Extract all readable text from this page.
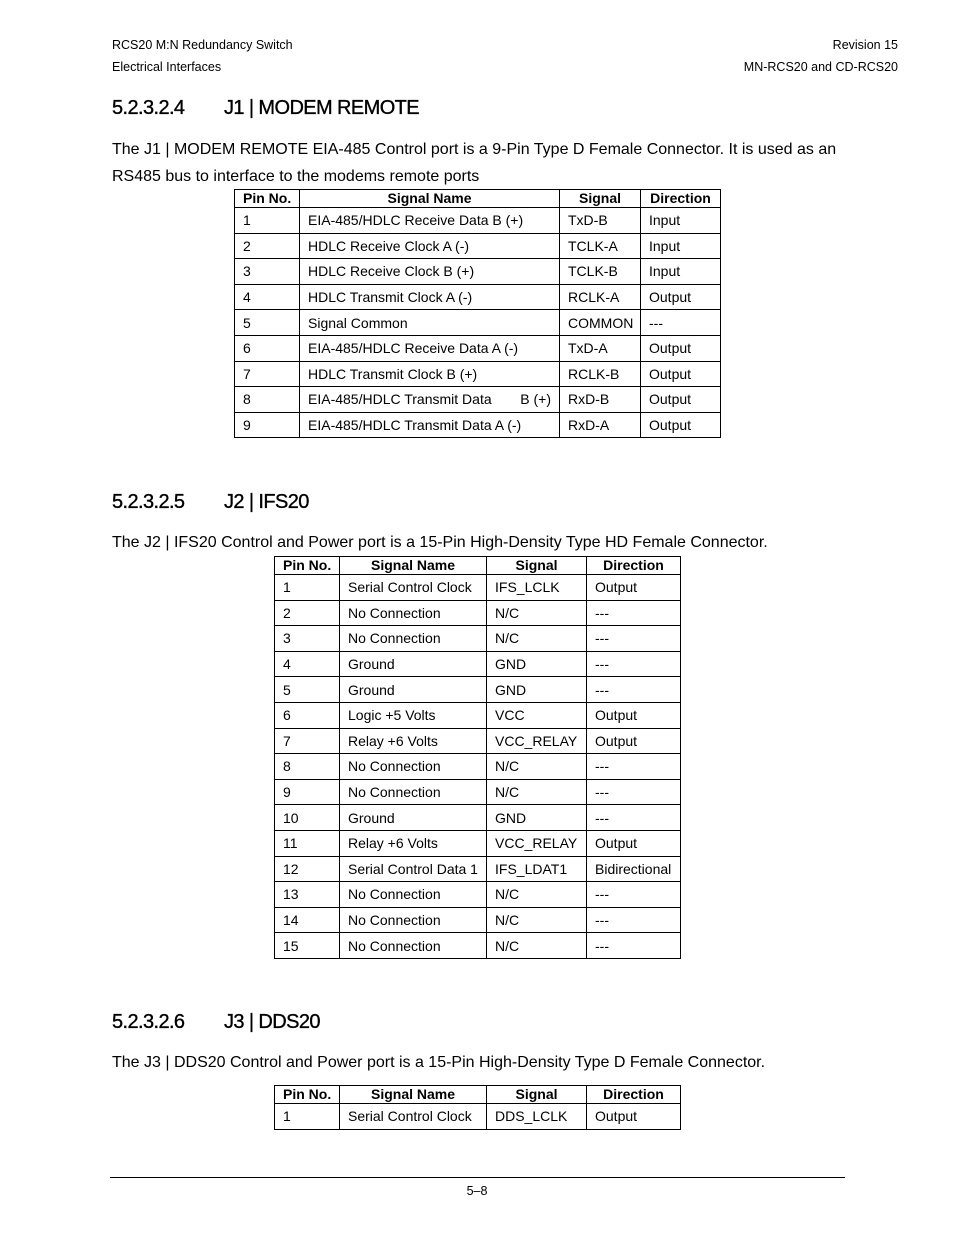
RCS20 M:N Redundancy Switch
Electrical Interfaces
Revision 15
MN-RCS20 and CD-RCS20
5.2.3.2.4 J1 | MODEM REMOTE

The J1 | MODEM REMOTE EIA-485 Control port is a 9-Pin Type D Female Connector. It is used as an RS485 bus to interface to the modems remote ports

Pin No.	Signal Name	Signal	Direction
1	EIA-485/HDLC Receive Data B (+)	TxD-B	Input
2	HDLC Receive Clock A (-)	TCLK-A	Input
3	HDLC Receive Clock B (+)	TCLK-B	Input
4	HDLC Transmit Clock A (-)	RCLK-A	Output
5	Signal Common	COMMON	---
6	EIA-485/HDLC Receive Data A (-)	TxD-A	Output
7	HDLC Transmit Clock B (+)	RCLK-B	Output
8	EIA-485/HDLC Transmit Data B (+)	RxD-B	Output
9	EIA-485/HDLC Transmit Data A (-)	RxD-A	Output
5.2.3.2.5 J2 | IFS20

The J2 | IFS20 Control and Power port is a 15-Pin High-Density Type HD Female Connector.

Pin No.	Signal Name	Signal	Direction
1	Serial Control Clock	IFS_LCLK	Output
2	No Connection	N/C	---
3	No Connection	N/C	---
4	Ground	GND	---
5	Ground	GND	---
6	Logic +5 Volts	VCC	Output
7	Relay +6 Volts	VCC_RELAY	Output
8	No Connection	N/C	---
9	No Connection	N/C	---
10	Ground	GND	---
11	Relay +6 Volts	VCC_RELAY	Output
12	Serial Control Data 1	IFS_LDAT1	Bidirectional
13	No Connection	N/C	---
14	No Connection	N/C	---
15	No Connection	N/C	---
5.2.3.2.6 J3 | DDS20

The J3 | DDS20 Control and Power port is a 15-Pin High-Density Type D Female Connector.

Pin No.	Signal Name	Signal	Direction
1	Serial Control Clock	DDS_LCLK	Output
5–8
